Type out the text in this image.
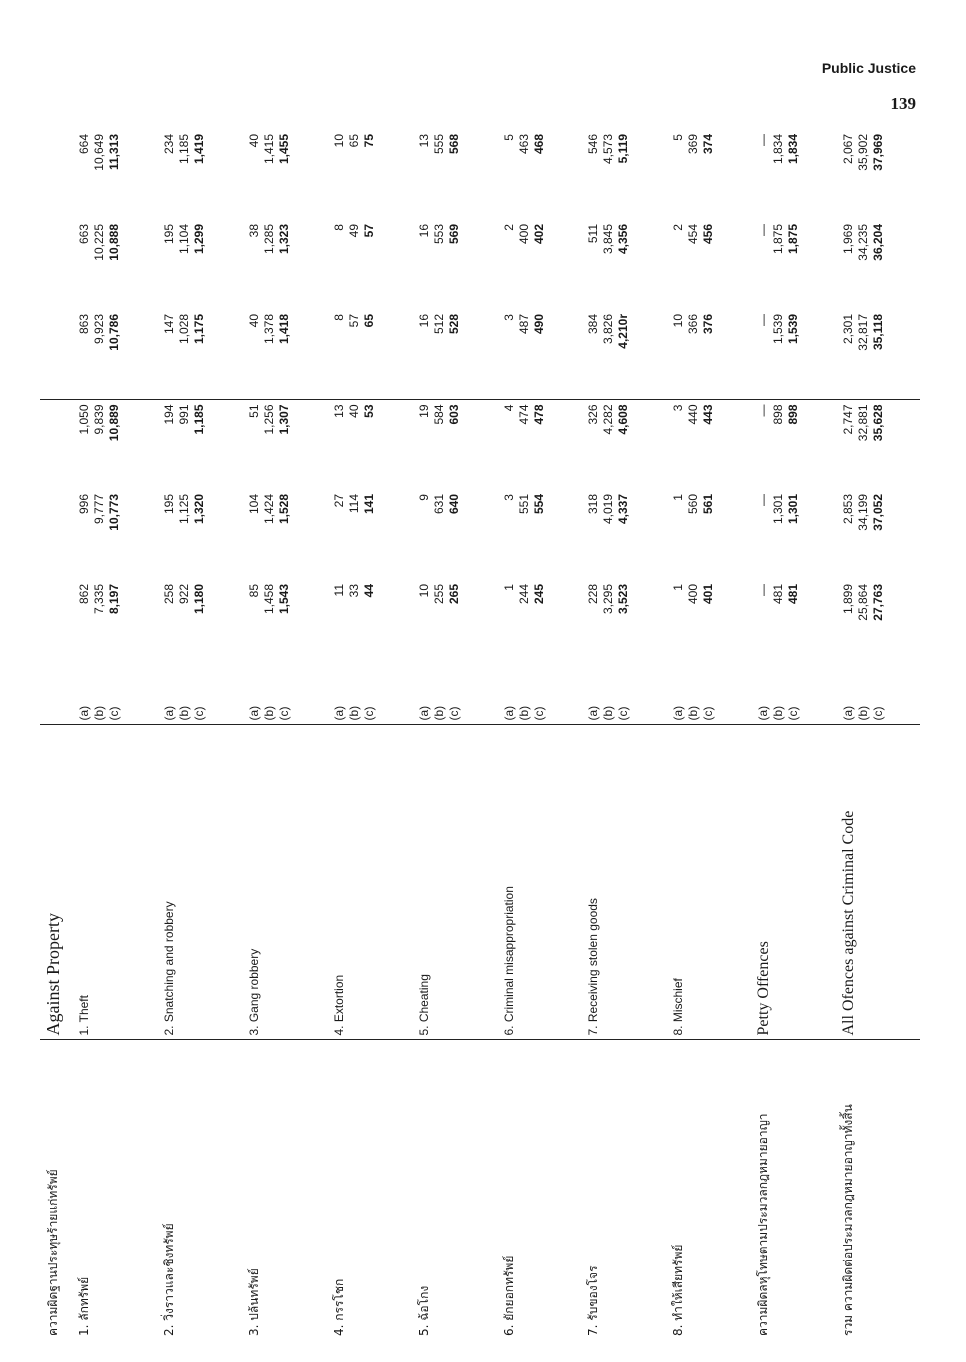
Public Justice
139
ความผิดฐานประทุษร้ายแก่ทรัพย์	Against Property							
1. ลักทรัพย์	1. Theft	(a) (b) (c)	862 7,335 8,197	996 9,777 10,773	1,050 9,839 10,889	863 9,923 10,786	663 10,225 10,888	664 10,649 11,313

2. วิ่งราวและชิงทรัพย์	2. Snatching and robbery	(a) (b) (c)	258 922 1,180	195 1,125 1,320	194 991 1,185	147 1,028 1,175	195 1,104 1,299	234 1,185 1,419

3. ปล้นทรัพย์	3. Gang robbery	(a) (b) (c)	85 1,458 1,543	104 1,424 1,528	51 1,256 1,307	40 1,378 1,418	38 1,285 1,323	40 1,415 1,455

4. กรรโชก	4. Extortion	(a) (b) (c)	11 33 44	27 114 141	13 40 53	8 57 65	8 49 57	10 65 75

5. ฉ้อโกง	5. Cheating	(a) (b) (c)	10 255 265	9 631 640	19 584 603	16 512 528	16 553 569	13 555 568

6. ยักยอกทรัพย์	6. Criminal misappropriation	(a) (b) (c)	1 244 245	3 551 554	4 474 478	3 487 490	2 400 402	5 463 468

7. รับของโจร	7. Receiving stolen goods	(a) (b) (c)	228 3,295 3,523	318 4,019 4,337	326 4,282 4,608	384 3,826 4,210r	511 3,845 4,356	546 4,573 5,119

8. ทำให้เสียทรัพย์	8. Mischief	(a) (b) (c)	1 400 401	1 560 561	3 440 443	10 366 376	2 454 456	5 369 374

ความผิดลหุโทษตามประมวลกฎหมายอาญา	Petty Offences	(a) (b) (c)	— 481 481	— 1,301 1,301	— 898 898	— 1,539 1,539	— 1,875 1,875	— 1,834 1,834

รวม ความผิดต่อประมวลกฎหมายอาญาทั้งสิ้น	All Ofences against Criminal Code	(a) (b) (c)	1,899 25,864 27,763	2,853 34,199 37,052	2,747 32,881 35,628	2,301 32,817 35,118	1,969 34,235 36,204	2,067 35,902 37,969
